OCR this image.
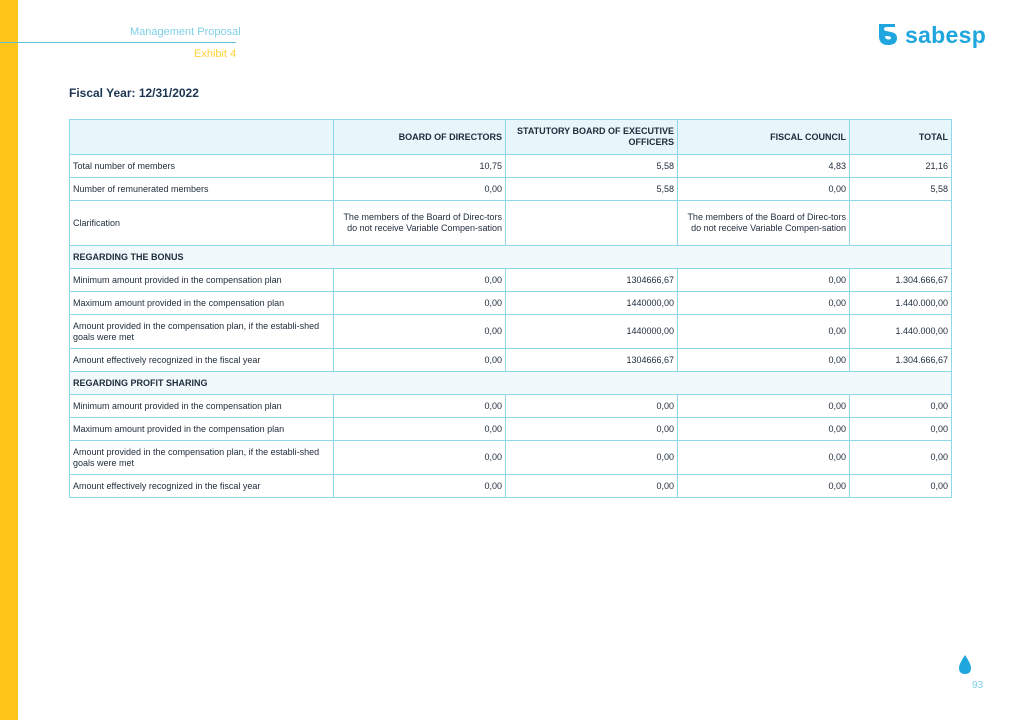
Management Proposal
Exhibit 4
sabesp
Fiscal Year: 12/31/2022
	BOARD OF DIRECTORS	STATUTORY BOARD OF EXECUTIVE OFFICERS	FISCAL COUNCIL	TOTAL
Total number of members	10,75	5,58	4,83	21,16
Number of remunerated members	0,00	5,58	0,00	5,58
Clarification	The members of the Board of Direc-tors do not receive Variable Compen-sation		The members of the Board of Direc-tors do not receive Variable Compen-sation	
REGARDING THE BONUS				
Minimum amount provided in the compensation plan	0,00	1304666,67	0,00	1.304.666,67
Maximum amount provided in the compensation plan	0,00	1440000,00	0,00	1.440.000,00
Amount provided in the compensation plan, if the establi-shed goals were met	0,00	1440000,00	0,00	1.440.000,00
Amount effectively recognized in the fiscal year	0,00	1304666,67	0,00	1.304.666,67
REGARDING PROFIT SHARING				
Minimum amount provided in the compensation plan	0,00	0,00	0,00	0,00
Maximum amount provided in the compensation plan	0,00	0,00	0,00	0,00
Amount provided in the compensation plan, if the establi-shed goals were met	0,00	0,00	0,00	0,00
Amount effectively recognized in the fiscal year	0,00	0,00	0,00	0,00
93
